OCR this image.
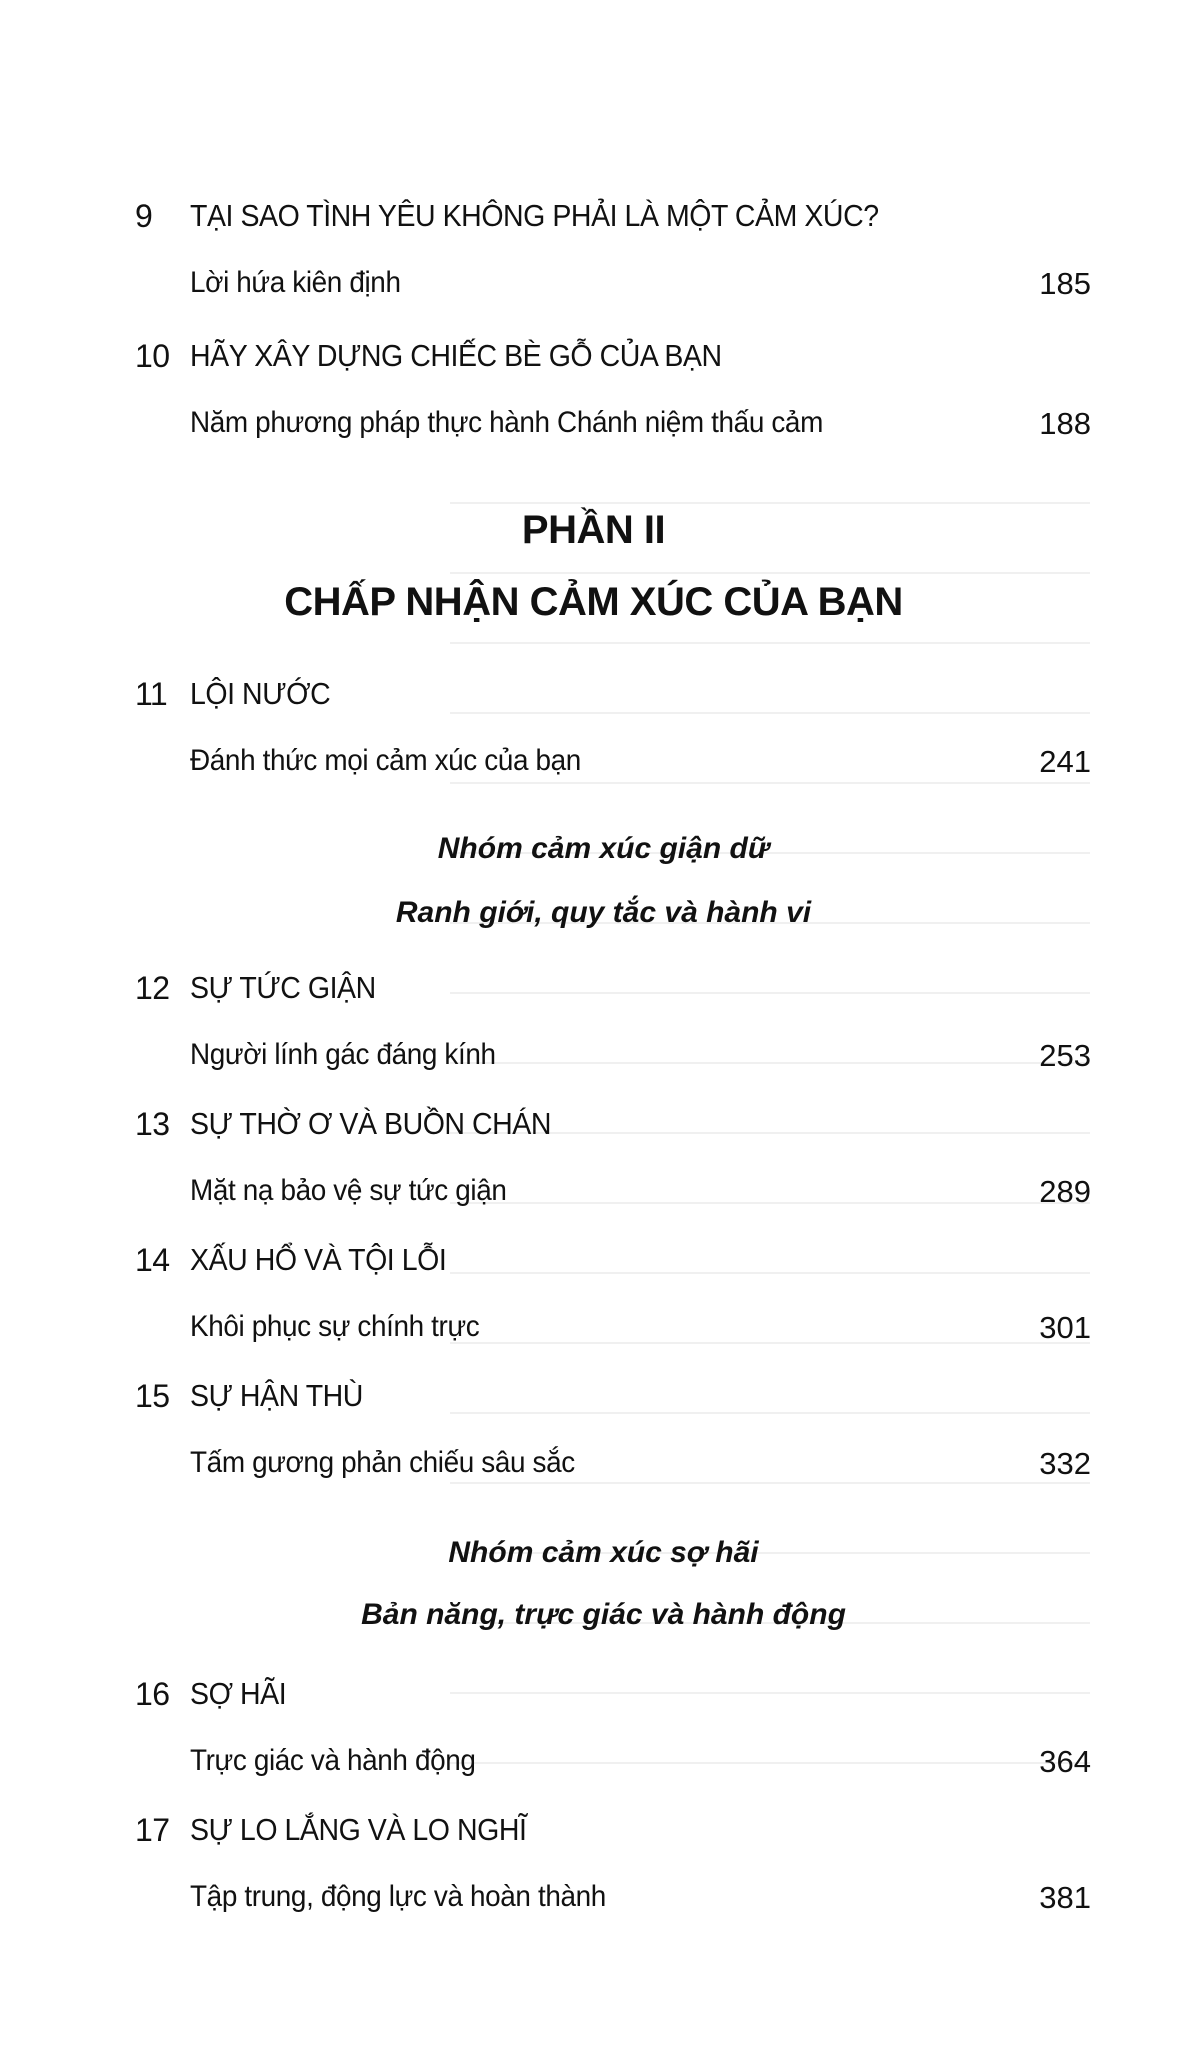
9	TẠI SAO TÌNH YÊU KHÔNG PHẢI LÀ MỘT CẢM XÚC?
Lời hứa kiên định	185
10 HÃY XÂY DỰNG CHIẾC BÈ GỖ CỦA BẠN
Năm phương pháp thực hành Chánh niệm thấu cảm	188
PHẦN II
CHẤP NHẬN CẢM XÚC CỦA BẠN
11 LỘI NƯỚC
Đánh thức mọi cảm xúc của bạn	241
Nhóm cảm xúc giận dữ
Ranh giới, quy tắc và hành vi
12 SỰ TỨC GIẬN
Người lính gác đáng kính	253
13 SỰ THỜ Ơ VÀ BUỒN CHÁN
Mặt nạ bảo vệ sự tức giận	289
14 XẤU HỔ VÀ TỘI LỖI
Khôi phục sự chính trực	301
15 SỰ HẬN THÙ
Tấm gương phản chiếu sâu sắc	332
Nhóm cảm xúc sợ hãi
Bản năng, trực giác và hành động
16 SỢ HÃI
Trực giác và hành động	364
17 SỰ LO LẮNG VÀ LO NGHĨ
Tập trung, động lực và hoàn thành	381
